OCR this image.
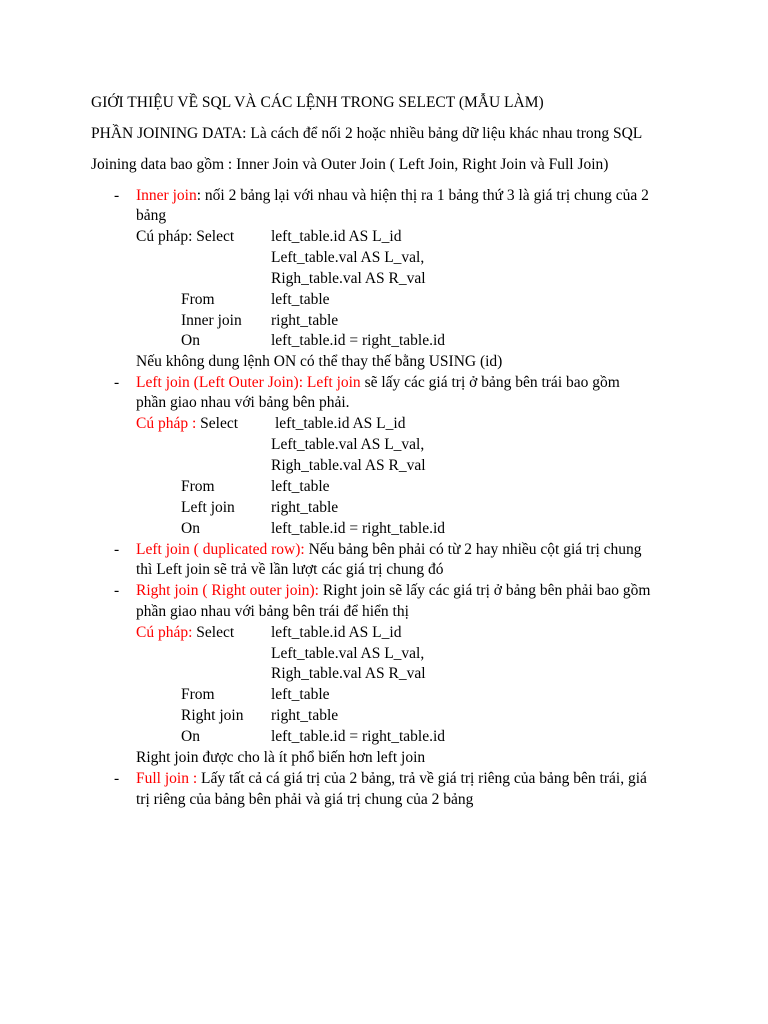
GIỚI THIỆU VỀ SQL VÀ CÁC LỆNH TRONG SELECT (MẪU LÀM)
PHẦN JOINING DATA: Là cách để nối 2 hoặc nhiều bảng dữ liệu khác nhau trong SQL
Joining data bao gồm : Inner Join và Outer Join ( Left Join, Right Join và Full Join)
-	Inner join: nối 2 bảng lại với nhau và hiện thị ra 1 bảng thứ 3 là giá trị chung của 2
bảng
Cú pháp: Select left_table.id AS L_id
Left_table.val AS L_val,
Righ_table.val AS R_val
From	left_table
Inner join right_table
On	left_table.id = right_table.id
Nếu không dung lệnh ON có thể thay thế bằng USING (id)
-	Left join (Left Outer Join): Left join sẽ lấy các giá trị ở bảng bên trái bao gồm
phần giao nhau với bảng bên phải.
Cú pháp : Select left_table.id AS L_id
Left_table.val AS L_val,
Righ_table.val AS R_val
From	left_table
Left join right_table
On	left_table.id = right_table.id
-	Left join ( duplicated row): Nếu bảng bên phải có từ 2 hay nhiều cột giá trị chung
thì Left join sẽ trả về lần lượt các giá trị chung đó
-	Right join ( Right outer join): Right join sẽ lấy các giá trị ở bảng bên phải bao gồm
phần giao nhau với bảng bên trái để hiển thị
Cú pháp: Select left_table.id AS L_id
Left_table.val AS L_val,
Righ_table.val AS R_val
From	left_table
Right join right_table
On	left_table.id = right_table.id
Right join được cho là ít phổ biến hơn left join
-	Full join : Lấy tất cả cá giá trị của 2 bảng, trả về giá trị riêng của bảng bên trái, giá
trị riêng của bảng bên phải và giá trị chung của 2 bảng
